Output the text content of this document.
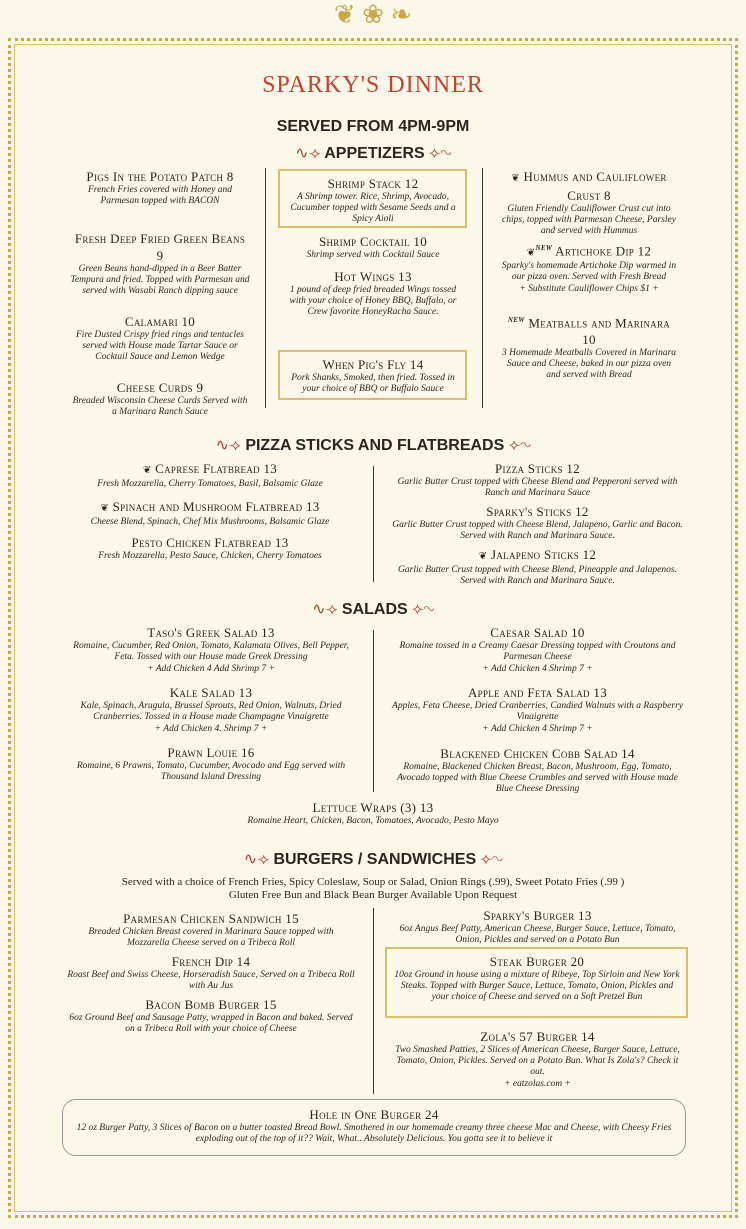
❦ ❀ ❧
SPARKY'S DINNER
SERVED FROM 4PM-9PM
∿⟢ APPETIZERS ⟣∿
Pigs In the Potato Patch 8
French Fries covered with Honey and Parmesan topped with BACON
Fresh Deep Fried Green Beans 9
Green Beans hand-dipped in a Beer Batter Tempura and fried. Topped with Parmesan and served with Wasabi Ranch dipping sauce
Calamari 10
Fire Dusted Crispy fried rings and tentacles served with House made Tartar Sauce or Cocktail Sauce and Lemon Wedge
Cheese Curds 9
Breaded Wisconsin Cheese Curds Served with a Marinara Ranch Sauce
Shrimp Stack 12
A Shrimp tower. Rice, Shrimp, Avocado, Cucumber topped with Sesame Seeds and a Spicy Aioli
Shrimp Cocktail 10
Shrimp served with Cocktail Sauce
Hot Wings 13
1 pound of deep fried breaded Wings tossed with your choice of Honey BBQ, Buffalo, or Crew favorite HoneyRacha Sauce.
When Pig's Fly 14
Pork Shanks, Smoked, then fried. Tossed in your choice of BBQ or Buffalo Sauce
❦ Hummus and Cauliflower Crust 8
Gluten Friendly Cauliflower Crust cut into chips, topped with Parmesan Cheese, Parsley and served with Hummus
❦$^{NEW}$ Artichoke Dip 12
Sparky's homemade Artichoke Dip warmed in our pizza oven. Served with Fresh Bread
+ Substitute Cauliflower Chips $1 +
$^{NEW}$ Meatballs and Marinara 10
3 Homemade Meatballs Covered in Marinara Sauce and Cheese, baked in our pizza oven and served with Bread
∿⟢ PIZZA STICKS AND FLATBREADS ⟣∿
❦ Caprese Flatbread 13
Fresh Mozzarella, Cherry Tomatoes, Basil, Balsamic Glaze
❦ Spinach and Mushroom Flatbread 13
Cheese Blend, Spinach, Chef Mix Mushrooms, Balsamic Glaze
Pesto Chicken Flatbread 13
Fresh Mozzarella, Pesto Sauce, Chicken, Cherry Tomatoes
Pizza Sticks 12
Garlic Butter Crust topped with Cheese Blend and Pepperoni served with Ranch and Marinara Sauce
Sparky's Sticks 12
Garlic Butter Crust topped with Cheese Blend, Jalapeno, Garlic and Bacon. Served with Ranch and Marinara Sauce.
❦ Jalapeno Sticks 12
Garlic Butter Crust topped with Cheese Blend, Pineapple and Jalapenos. Served with Ranch and Marinara Sauce.
∿⟢ SALADS ⟣∿
Taso's Greek Salad 13
Romaine, Cucumber, Red Onion, Tomato, Kalamata Olives, Bell Pepper, Feta. Tossed with our House made Greek Dressing
+ Add Chicken 4 Add Shrimp 7 +
Kale Salad 13
Kale, Spinach, Arugula, Brussel Sprouts, Red Onion, Walnuts, Dried Cranberries. Tossed in a House made Champagne Vinaigrette
+ Add Chicken 4. Shrimp 7 +
Prawn Louie 16
Romaine, 6 Prawns, Tomato, Cucumber, Avocado and Egg served with Thousand Island Dressing
Caesar Salad 10
Romaine tossed in a Creamy Caesar Dressing topped with Croutons and Parmesan Cheese
+ Add Chicken 4 Shrimp 7 +
Apple and Feta Salad 13
Apples, Feta Cheese, Dried Cranberries, Candied Walnuts with a Raspberry Vinaigrette
+ Add Chicken 4 Shrimp 7 +
Blackened Chicken Cobb Salad 14
Romaine, Blackened Chicken Breast, Bacon, Mushroom, Egg, Tomato, Avocado topped with Blue Cheese Crumbles and served with House made Blue Cheese Dressing
Lettuce Wraps (3) 13
Romaine Heart, Chicken, Bacon, Tomatoes, Avocado, Pesto Mayo
∿⟢ BURGERS / SANDWICHES ⟣∿
Served with a choice of French Fries, Spicy Coleslaw, Soup or Salad, Onion Rings (.99), Sweet Potato Fries (.99 )
Gluten Free Bun and Black Bean Burger Available Upon Request
Parmesan Chicken Sandwich 15
Breaded Chicken Breast covered in Marinara Sauce topped with Mozzarella Cheese served on a Tribeca Roll
French Dip 14
Roast Beef and Swiss Cheese, Horseradish Sauce, Served on a Tribeca Roll with Au Jus
Bacon Bomb Burger 15
6oz Ground Beef and Sausage Patty, wrapped in Bacon and baked. Served on a Tribeca Roll with your choice of Cheese
Sparky's Burger 13
6oz Angus Beef Patty, American Cheese, Burger Sauce, Lettuce, Tomato, Onion, Pickles and served on a Potato Bun
Steak Burger 20
10oz Ground in house using a mixture of Ribeye, Top Sirloin and New York Steaks. Topped with Burger Sauce, Lettuce, Tomato, Onion, Pickles and your choice of Cheese and served on a Soft Pretzel Bun
Zola's 57 Burger 14
Two Smashed Patties, 2 Slices of American Cheese, Burger Sauce, Lettuce, Tomato, Onion, Pickles. Served on a Potato Bun. What Is Zola's? Check it out.
+ eatzolas.com +
Hole in One Burger 24
12 oz Burger Patty, 3 Slices of Bacon on a butter toasted Bread Bowl. Smothered in our homemade creamy three cheese Mac and Cheese, with Cheesy Fries exploding out of the top of it?? Wait, What.. Absolutely Delicious. You gotta see it to believe it
